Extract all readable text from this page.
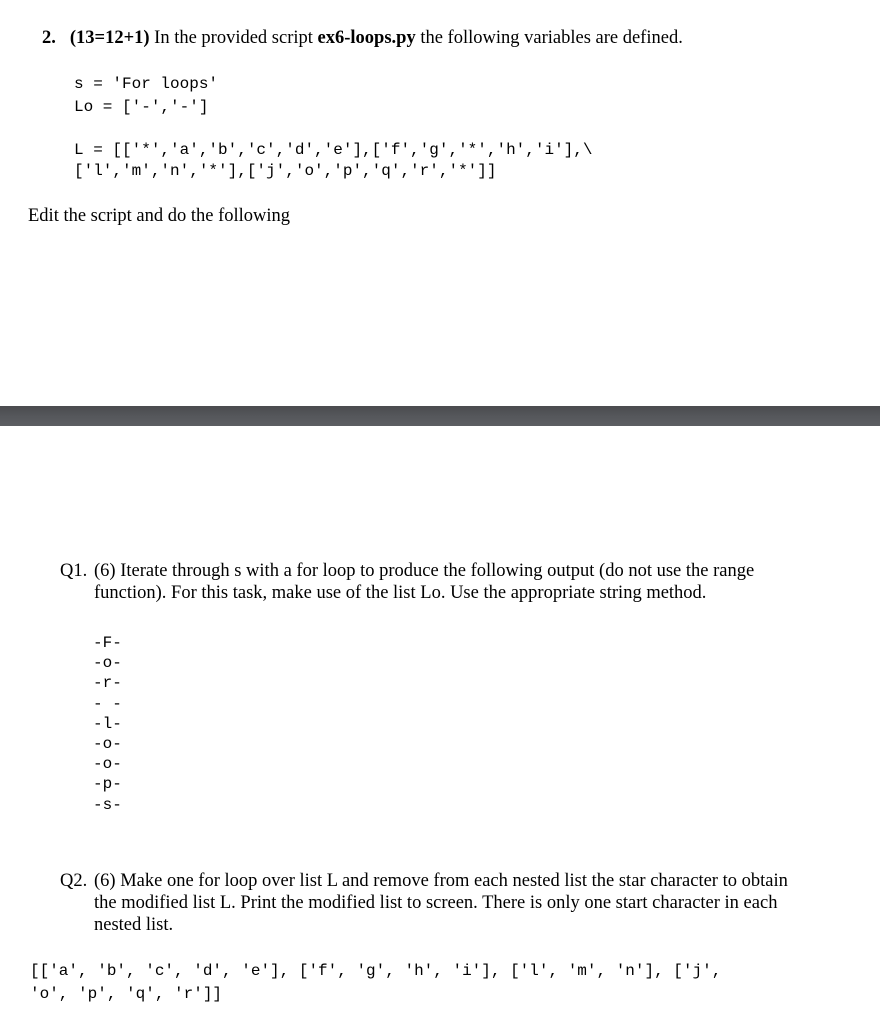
2. (13=12+1) In the provided script ex6-loops.py the following variables are defined.
s = 'For loops'
Lo = ['-','-']
L = [['*','a','b','c','d','e'],['f','g','*','h','i'],\
['l','m','n','*'],['j','o','p','q','r','*']]
Edit the script and do the following
Q1. (6) Iterate through s with a for loop to produce the following output (do not use the range
function). For this task, make use of the list Lo. Use the appropriate string method.
-F-
-o-
-r-
- -
-l-
-o-
-o-
-p-
-s-
Q2. (6) Make one for loop over list L and remove from each nested list the star character to obtain
the modified list L. Print the modified list to screen. There is only one start character in each
nested list.
[['a', 'b', 'c', 'd', 'e'], ['f', 'g', 'h', 'i'], ['l', 'm', 'n'], ['j',
'o', 'p', 'q', 'r']]
